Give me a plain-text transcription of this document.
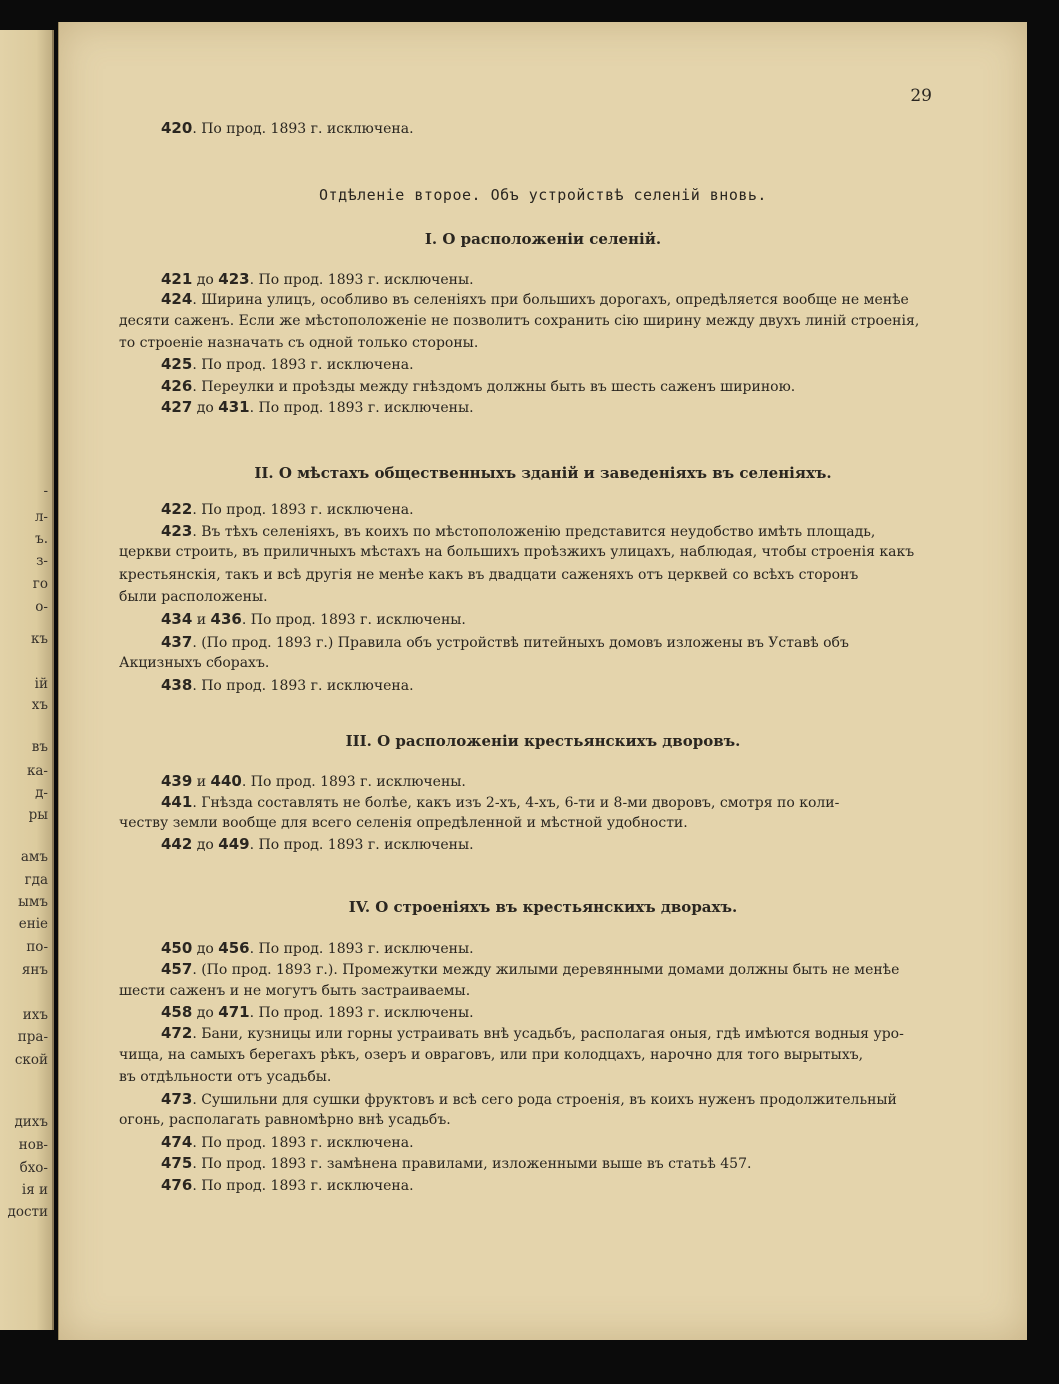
-
л-
ъ.
з-
го
о-
къ
ій
хъ
въ
ка-
д-
ры
амъ
гда
ымъ
еніе
по-
янъ
ихъ
пра-
ской
дихъ
нов-
бхо-
ія и
дости
29
420. По прод. 1893 г. исключена.
Отдѣленіе второе. Объ устройствѣ селеній вновь.
I. О расположеніи селеній.
421 до 423. По прод. 1893 г. исключены.
424. Ширина улицъ, особливо въ селеніяхъ при большихъ дорогахъ, опредѣляется вообще не менѣе
десяти саженъ. Если же мѣстоположеніе не позволитъ сохранить сію ширину между двухъ линій строенія,
то строеніе назначать съ одной только стороны.
425. По прод. 1893 г. исключена.
426. Переулки и проѣзды между гнѣздомъ должны быть въ шесть саженъ шириною.
427 до 431. По прод. 1893 г. исключены.
II. О мѣстахъ общественныхъ зданій и заведеніяхъ въ селеніяхъ.
422. По прод. 1893 г. исключена.
423. Въ тѣхъ селеніяхъ, въ коихъ по мѣстоположенію представится неудобство имѣть площадь,
церкви строить, въ приличныхъ мѣстахъ на большихъ проѣзжихъ улицахъ, наблюдая, чтобы строенія какъ
крестьянскія, такъ и всѣ другія не менѣе какъ въ двадцати саженяхъ отъ церквей со всѣхъ сторонъ
были расположены.
434 и 436. По прод. 1893 г. исключены.
437. (По прод. 1893 г.) Правила объ устройствѣ питейныхъ домовъ изложены въ Уставѣ объ
Акцизныхъ сборахъ.
438. По прод. 1893 г. исключена.
III. О расположеніи крестьянскихъ дворовъ.
439 и 440. По прод. 1893 г. исключены.
441. Гнѣзда составлять не болѣе, какъ изъ 2-хъ, 4-хъ, 6-ти и 8-ми дворовъ, смотря по коли-
честву земли вообще для всего селенія опредѣленной и мѣстной удобности.
442 до 449. По прод. 1893 г. исключены.
IV. О строеніяхъ въ крестьянскихъ дворахъ.
450 до 456. По прод. 1893 г. исключены.
457. (По прод. 1893 г.). Промежутки между жилыми деревянными домами должны быть не менѣе
шести саженъ и не могутъ быть застраиваемы.
458 до 471. По прод. 1893 г. исключены.
472. Бани, кузницы или горны устраивать внѣ усадьбъ, располагая оныя, гдѣ имѣются водныя уро-
чища, на самыхъ берегахъ рѣкъ, озеръ и овраговъ, или при колодцахъ, нарочно для того вырытыхъ,
въ отдѣльности отъ усадьбы.
473. Сушильни для сушки фруктовъ и всѣ сего рода строенія, въ коихъ нуженъ продолжительный
огонь, располагать равномѣрно внѣ усадьбъ.
474. По прод. 1893 г. исключена.
475. По прод. 1893 г. замѣнена правилами, изложенными выше въ статьѣ 457.
476. По прод. 1893 г. исключена.
